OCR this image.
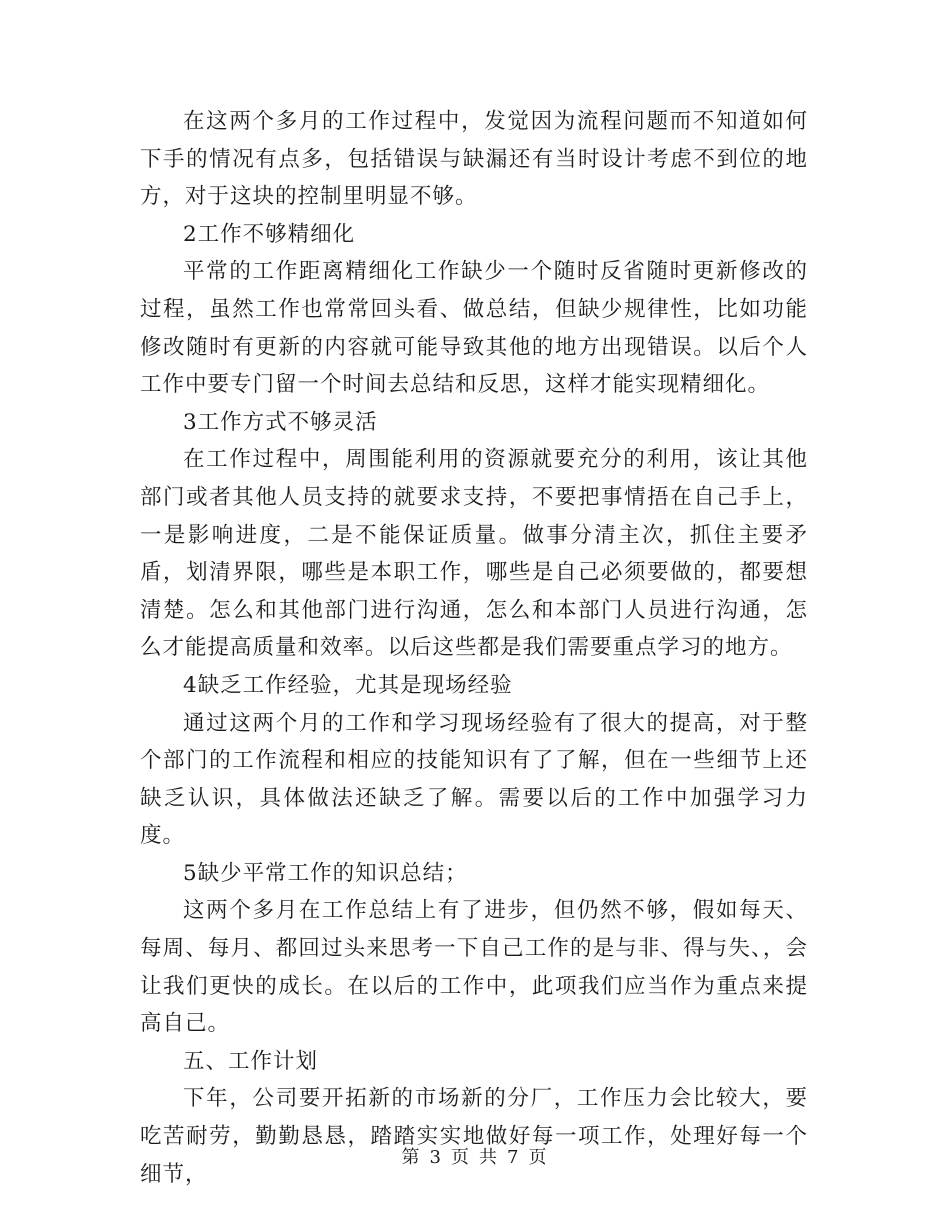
在这两个多月的工作过程中，发觉因为流程问题而不知道如何下手的情况有点多，包括错误与缺漏还有当时设计考虑不到位的地方，对于这块的控制里明显不够。

2工作不够精细化

平常的工作距离精细化工作缺少一个随时反省随时更新修改的过程，虽然工作也常常回头看、做总结，但缺少规律性，比如功能修改随时有更新的内容就可能导致其他的地方出现错误。以后个人工作中要专门留一个时间去总结和反思，这样才能实现精细化。

3工作方式不够灵活

在工作过程中，周围能利用的资源就要充分的利用，该让其他部门或者其他人员支持的就要求支持，不要把事情捂在自己手上，一是影响进度，二是不能保证质量。做事分清主次，抓住主要矛盾，划清界限，哪些是本职工作，哪些是自己必须要做的，都要想清楚。怎么和其他部门进行沟通，怎么和本部门人员进行沟通，怎么才能提高质量和效率。以后这些都是我们需要重点学习的地方。

4缺乏工作经验，尤其是现场经验

通过这两个月的工作和学习现场经验有了很大的提高，对于整个部门的工作流程和相应的技能知识有了了解，但在一些细节上还缺乏认识，具体做法还缺乏了解。需要以后的工作中加强学习力度。

5缺少平常工作的知识总结；

这两个多月在工作总结上有了进步，但仍然不够，假如每天、每周、每月、都回过头来思考一下自己工作的是与非、得与失、，会让我们更快的成长。在以后的工作中，此项我们应当作为重点来提高自己。

五、工作计划

下年，公司要开拓新的市场新的分厂，工作压力会比较大，要吃苦耐劳，勤勤恳恳，踏踏实实地做好每一项工作，处理好每一个细节，

第 3 页 共 7 页
